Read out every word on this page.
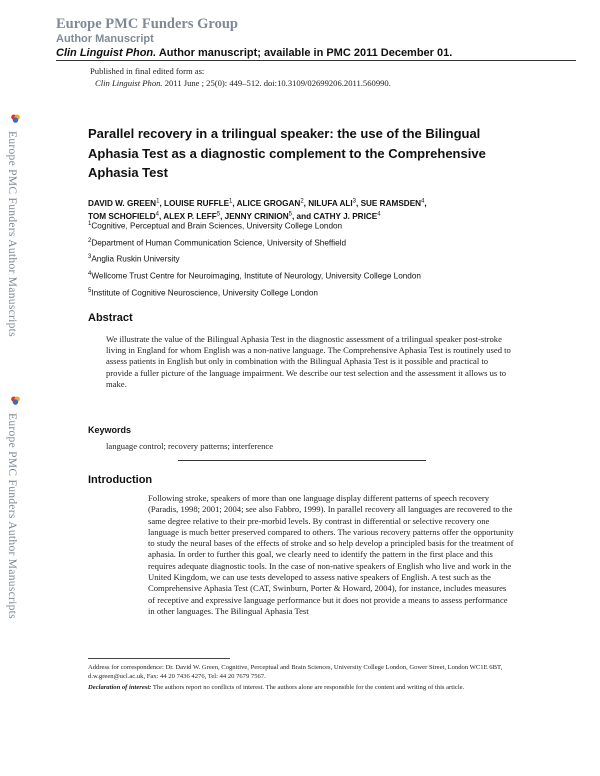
Europe PMC Funders Group
Author Manuscript
Clin Linguist Phon. Author manuscript; available in PMC 2011 December 01.
Published in final edited form as:
Clin Linguist Phon. 2011 June ; 25(0): 449–512. doi:10.3109/02699206.2011.560990.
Europe PMC Funders Author Manuscripts
Europe PMC Funders Author Manuscripts
Parallel recovery in a trilingual speaker: the use of the Bilingual Aphasia Test as a diagnostic complement to the Comprehensive Aphasia Test
DAVID W. GREEN$^1$, LOUISE RUFFLE$^1$, ALICE GROGAN$^2$, NILUFA ALI$^3$, SUE RAMSDEN$^4$,
TOM SCHOFIELD$^4$, ALEX P. LEFF$^5$, JENNY CRINION$^5$, and CATHY J. PRICE$^4$
$^1$Cognitive, Perceptual and Brain Sciences, University College London
$^2$Department of Human Communication Science, University of Sheffield
$^3$Anglia Ruskin University
$^4$Wellcome Trust Centre for Neuroimaging, Institute of Neurology, University College London
$^5$Institute of Cognitive Neuroscience, University College London
Abstract
We illustrate the value of the Bilingual Aphasia Test in the diagnostic assessment of a trilingual speaker post-stroke living in England for whom English was a non-native language. The Comprehensive Aphasia Test is routinely used to assess patients in English but only in combination with the Bilingual Aphasia Test is it possible and practical to provide a fuller picture of the language impairment. We describe our test selection and the assessment it allows us to make.
Keywords
language control; recovery patterns; interference
Introduction
Following stroke, speakers of more than one language display different patterns of speech recovery (Paradis, 1998; 2001; 2004; see also Fabbro, 1999). In parallel recovery all languages are recovered to the same degree relative to their pre-morbid levels. By contrast in differential or selective recovery one language is much better preserved compared to others. The various recovery patterns offer the opportunity to study the neural bases of the effects of stroke and so help develop a principled basis for the treatment of aphasia. In order to further this goal, we clearly need to identify the pattern in the first place and this requires adequate diagnostic tools. In the case of non-native speakers of English who live and work in the United Kingdom, we can use tests developed to assess native speakers of English. A test such as the Comprehensive Aphasia Test (CAT, Swinburn, Porter & Howard, 2004), for instance, includes measures of receptive and expressive language performance but it does not provide a means to assess performance in other languages. The Bilingual Aphasia Test

Address for correspondence: Dr. David W. Green, Cognitive, Perceptual and Brain Sciences, University College London, Gower Street, London WC1E 6BT, d.w.green@ucl.ac.uk, Fax: 44 20 7436 4276, Tel: 44 20 7679 7567.

Declaration of interest: The authors report no conflicts of interest. The authors alone are responsible for the content and writing of this article.
